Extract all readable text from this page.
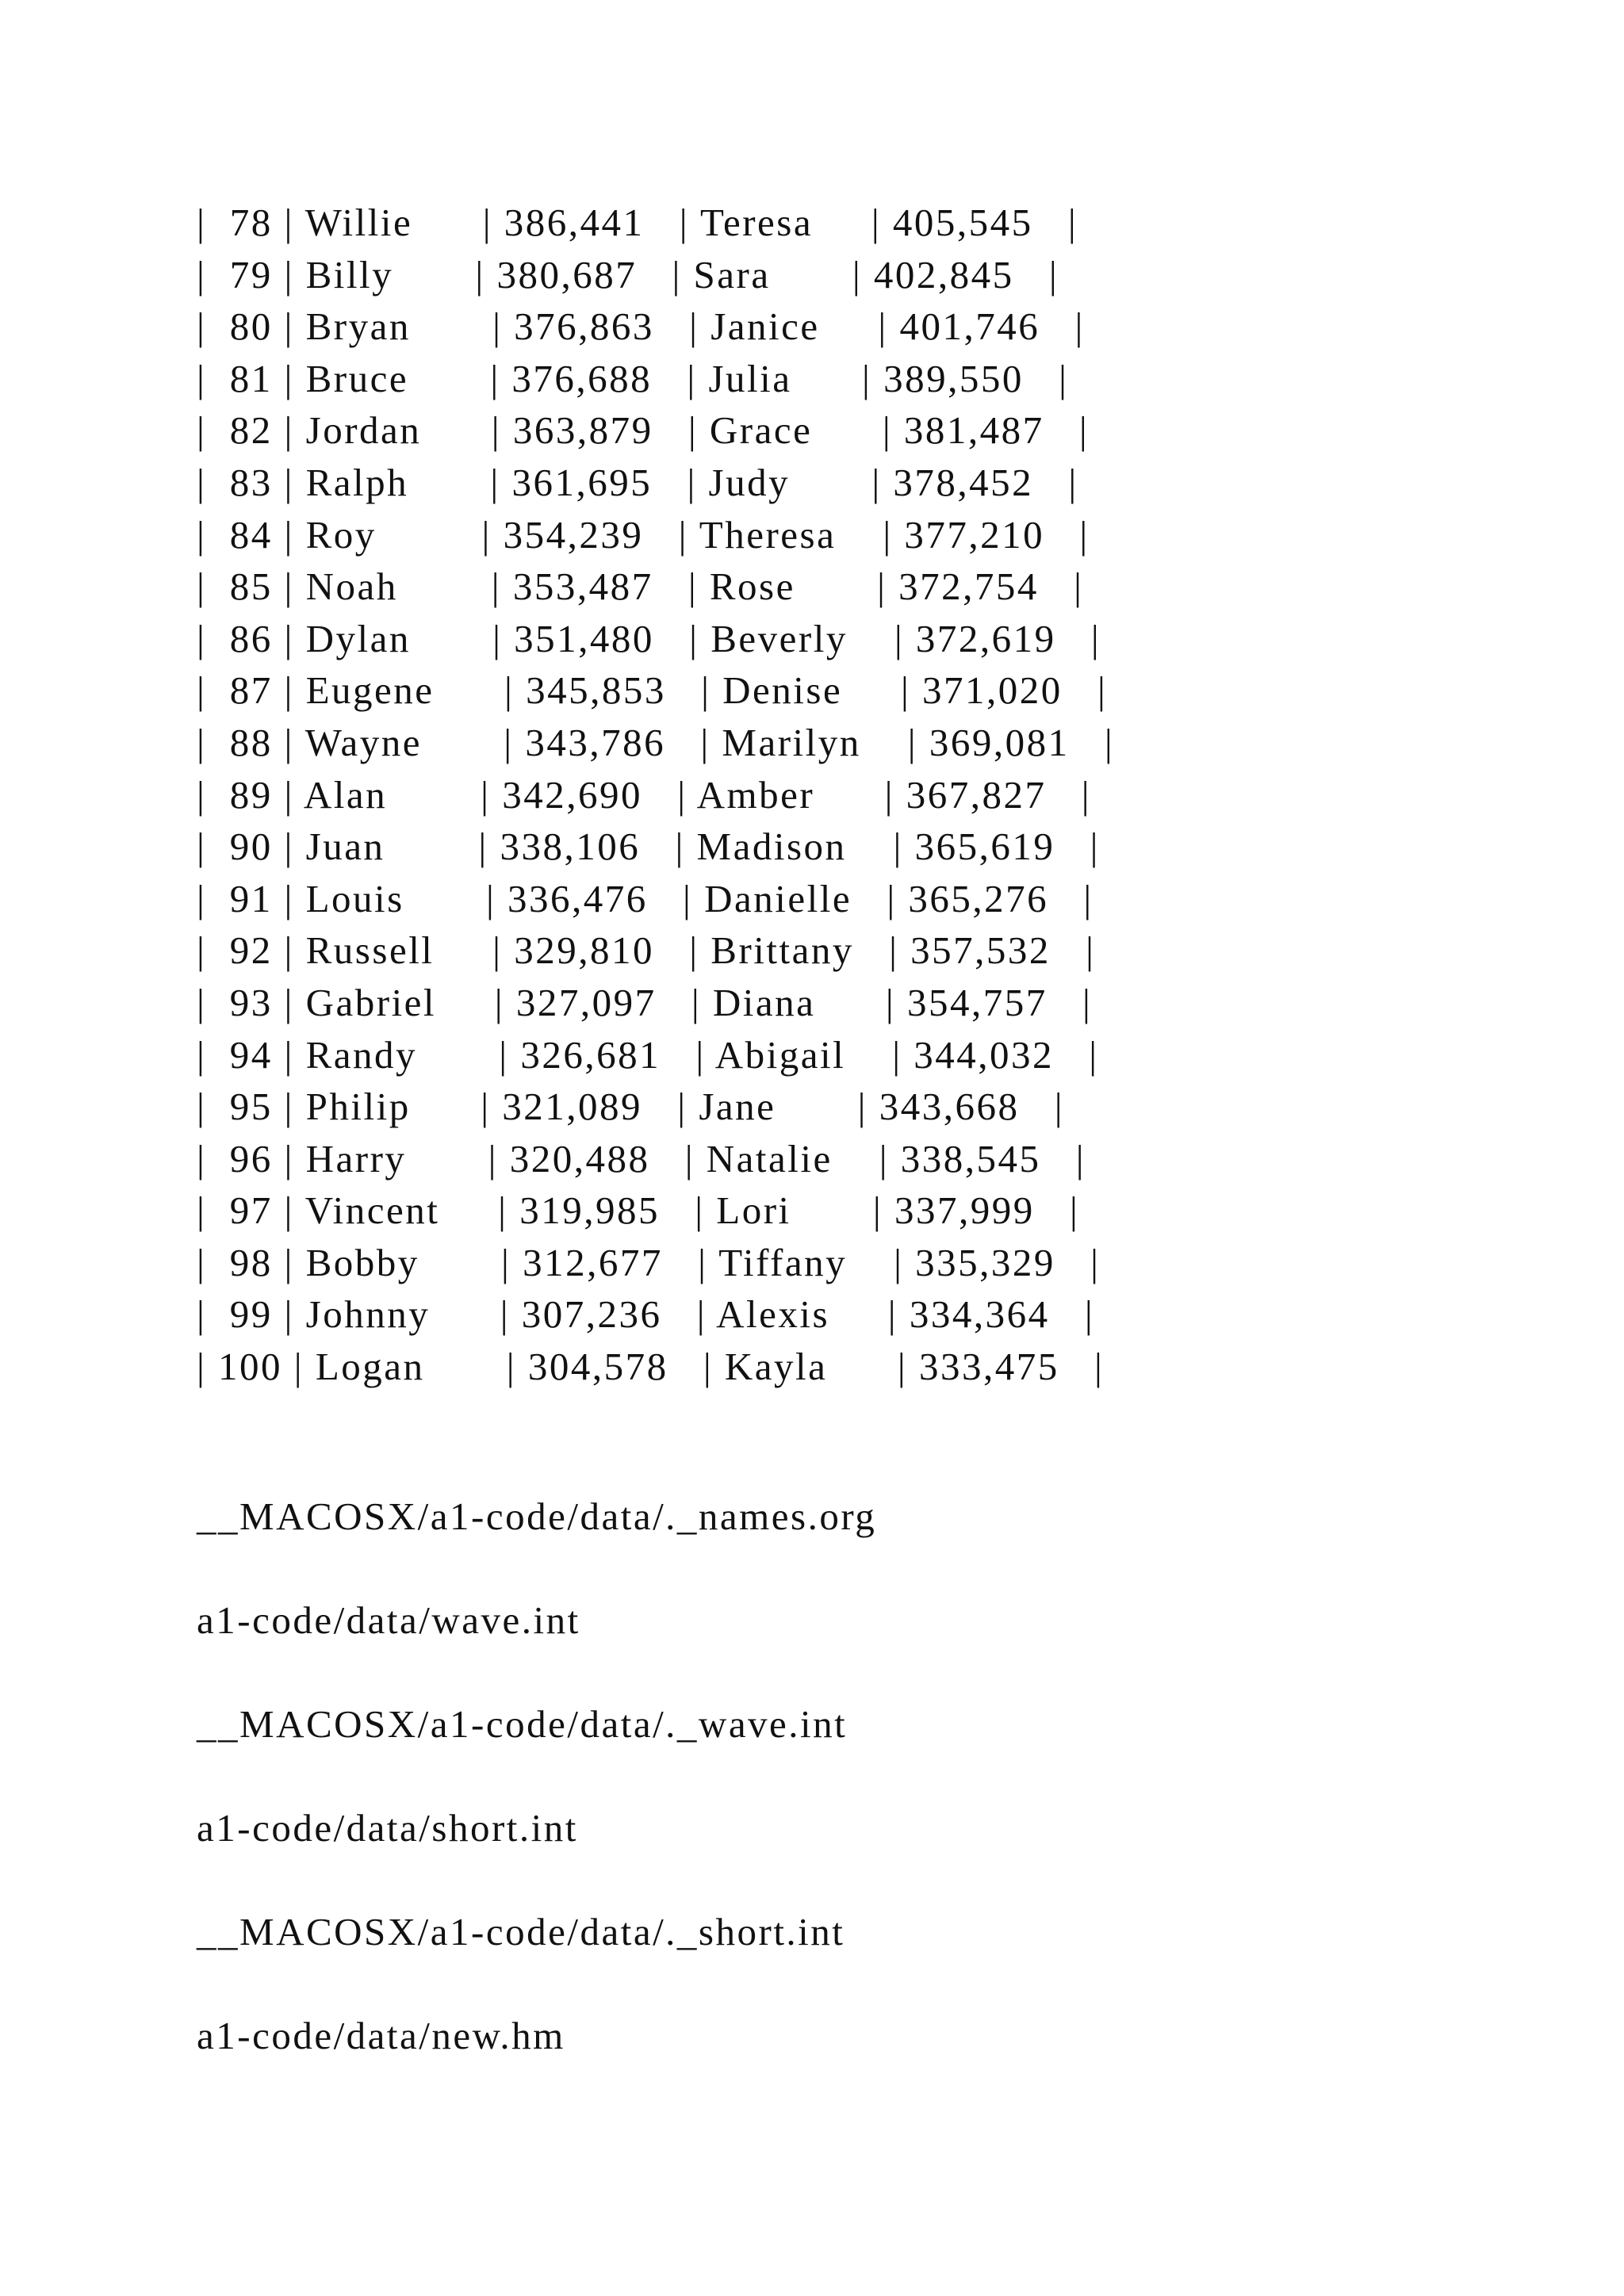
|  78 | Willie      | 386,441   | Teresa     | 405,545   |
|  79 | Billy       | 380,687   | Sara       | 402,845   |
|  80 | Bryan       | 376,863   | Janice     | 401,746   |
|  81 | Bruce       | 376,688   | Julia      | 389,550   |
|  82 | Jordan      | 363,879   | Grace      | 381,487   |
|  83 | Ralph       | 361,695   | Judy       | 378,452   |
|  84 | Roy         | 354,239   | Theresa    | 377,210   |
|  85 | Noah        | 353,487   | Rose       | 372,754   |
|  86 | Dylan       | 351,480   | Beverly    | 372,619   |
|  87 | Eugene      | 345,853   | Denise     | 371,020   |
|  88 | Wayne       | 343,786   | Marilyn    | 369,081   |
|  89 | Alan        | 342,690   | Amber      | 367,827   |
|  90 | Juan        | 338,106   | Madison    | 365,619   |
|  91 | Louis       | 336,476   | Danielle   | 365,276   |
|  92 | Russell     | 329,810   | Brittany   | 357,532   |
|  93 | Gabriel     | 327,097   | Diana      | 354,757   |
|  94 | Randy       | 326,681   | Abigail    | 344,032   |
|  95 | Philip      | 321,089   | Jane       | 343,668   |
|  96 | Harry       | 320,488   | Natalie    | 338,545   |
|  97 | Vincent     | 319,985   | Lori       | 337,999   |
|  98 | Bobby       | 312,677   | Tiffany    | 335,329   |
|  99 | Johnny      | 307,236   | Alexis     | 334,364   |
| 100 | Logan       | 304,578   | Kayla      | 333,475   |
__MACOSX/a1-code/data/._names.org
a1-code/data/wave.int
__MACOSX/a1-code/data/._wave.int
a1-code/data/short.int
__MACOSX/a1-code/data/._short.int
a1-code/data/new.hm
